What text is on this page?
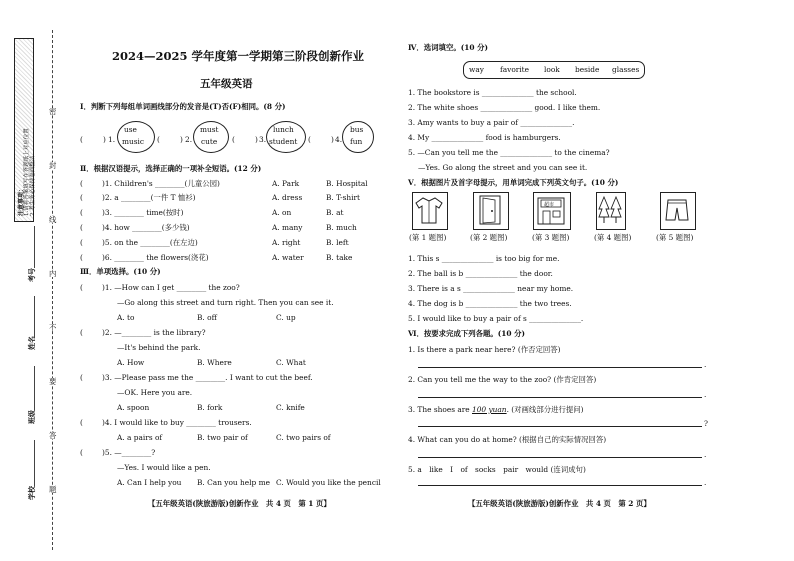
注意事项： 1.请将答案填写在答题纸上对应位置 2.考生务必保持卷面整洁
密
封
线
内
不
要
答
题
考号
姓名
班级
学校
2024—2025 学年度第一学期第三阶段创新作业
五年级英语
Ⅰ．判断下列每组单词画线部分的发音是(T)否(F)相同。(8 分)
(	) 1.
use
music (	) 2.
must
cute (	) 3.
lunch
student (	) 4.
bus
fun
Ⅱ．根据汉语提示，选择正确的一项补全短语。(12 分)
(	)1. Children's ________(儿童公园)	A. Park	B. Hospital
(	)2. a ________(一件 T 恤衫)	A. dress	B. T-shirt
(	)3. ________ time(按时)	A. on	B. at
(	)4. how ________(多少钱)	A. many	B. much
(	)5. on the ________(在左边)	A. right	B. left
(	)6. ________ the flowers(浇花)	A. water	B. take
Ⅲ．单项选择。(10 分)
(	)1. —How can I get ________ the zoo?
—Go along this street and turn right. Then you can see it.
A. to	B. off	C. up
(	)2. —________ is the library?
—It's behind the park.
A. How	B. Where	C. What
(	)3. —Please pass me the ________. I want to cut the beef.
—OK. Here you are.
A. spoon	B. fork	C. knife
(	)4. I would like to buy ________ trousers.
A. a pairs of	B. two pair of	C. two pairs of
(	)5. —________?
—Yes. I would like a pen.
A. Can I help you B. Can you help me C. Would you like the pencil
【五年级英语(陕旅游版)创新作业　共 4 页　第 1 页】
Ⅳ．选词填空。(10 分)
way favorite look beside glasses
1. The bookstore is ______________ the school.
2. The white shoes ______________ good. I like them.
3. Amy wants to buy a pair of ______________.
4. My ______________ food is hamburgers.
5. —Can you tell me the ______________ to the cinema?
—Yes. Go along the street and you can see it.
Ⅴ．根据图片及首字母提示，用单词完成下列英文句子。(10 分)
(第 1 题图)	(第 2 题图)
超市
(第 3 题图)	(第 4 题图)	(第 5 题图)
1. This s ______________ is too big for me.
2. The ball is b ______________ the door.
3. There is a s ______________ near my home.
4. The dog is b ______________ the two trees.
5. I would like to buy a pair of s ______________.
Ⅵ．按要求完成下列各题。(10 分)
1. Is there a park near here? (作否定回答)
.
2. Can you tell me the way to the zoo? (作肯定回答)
.
3. The shoes are 100 yuan. (对画线部分进行提问)
?
4. What can you do at home? (根据自己的实际情况回答)
.
5. a　like　I　of　socks　pair　would (连词成句)
.
【五年级英语(陕旅游版)创新作业　共 4 页　第 2 页】
